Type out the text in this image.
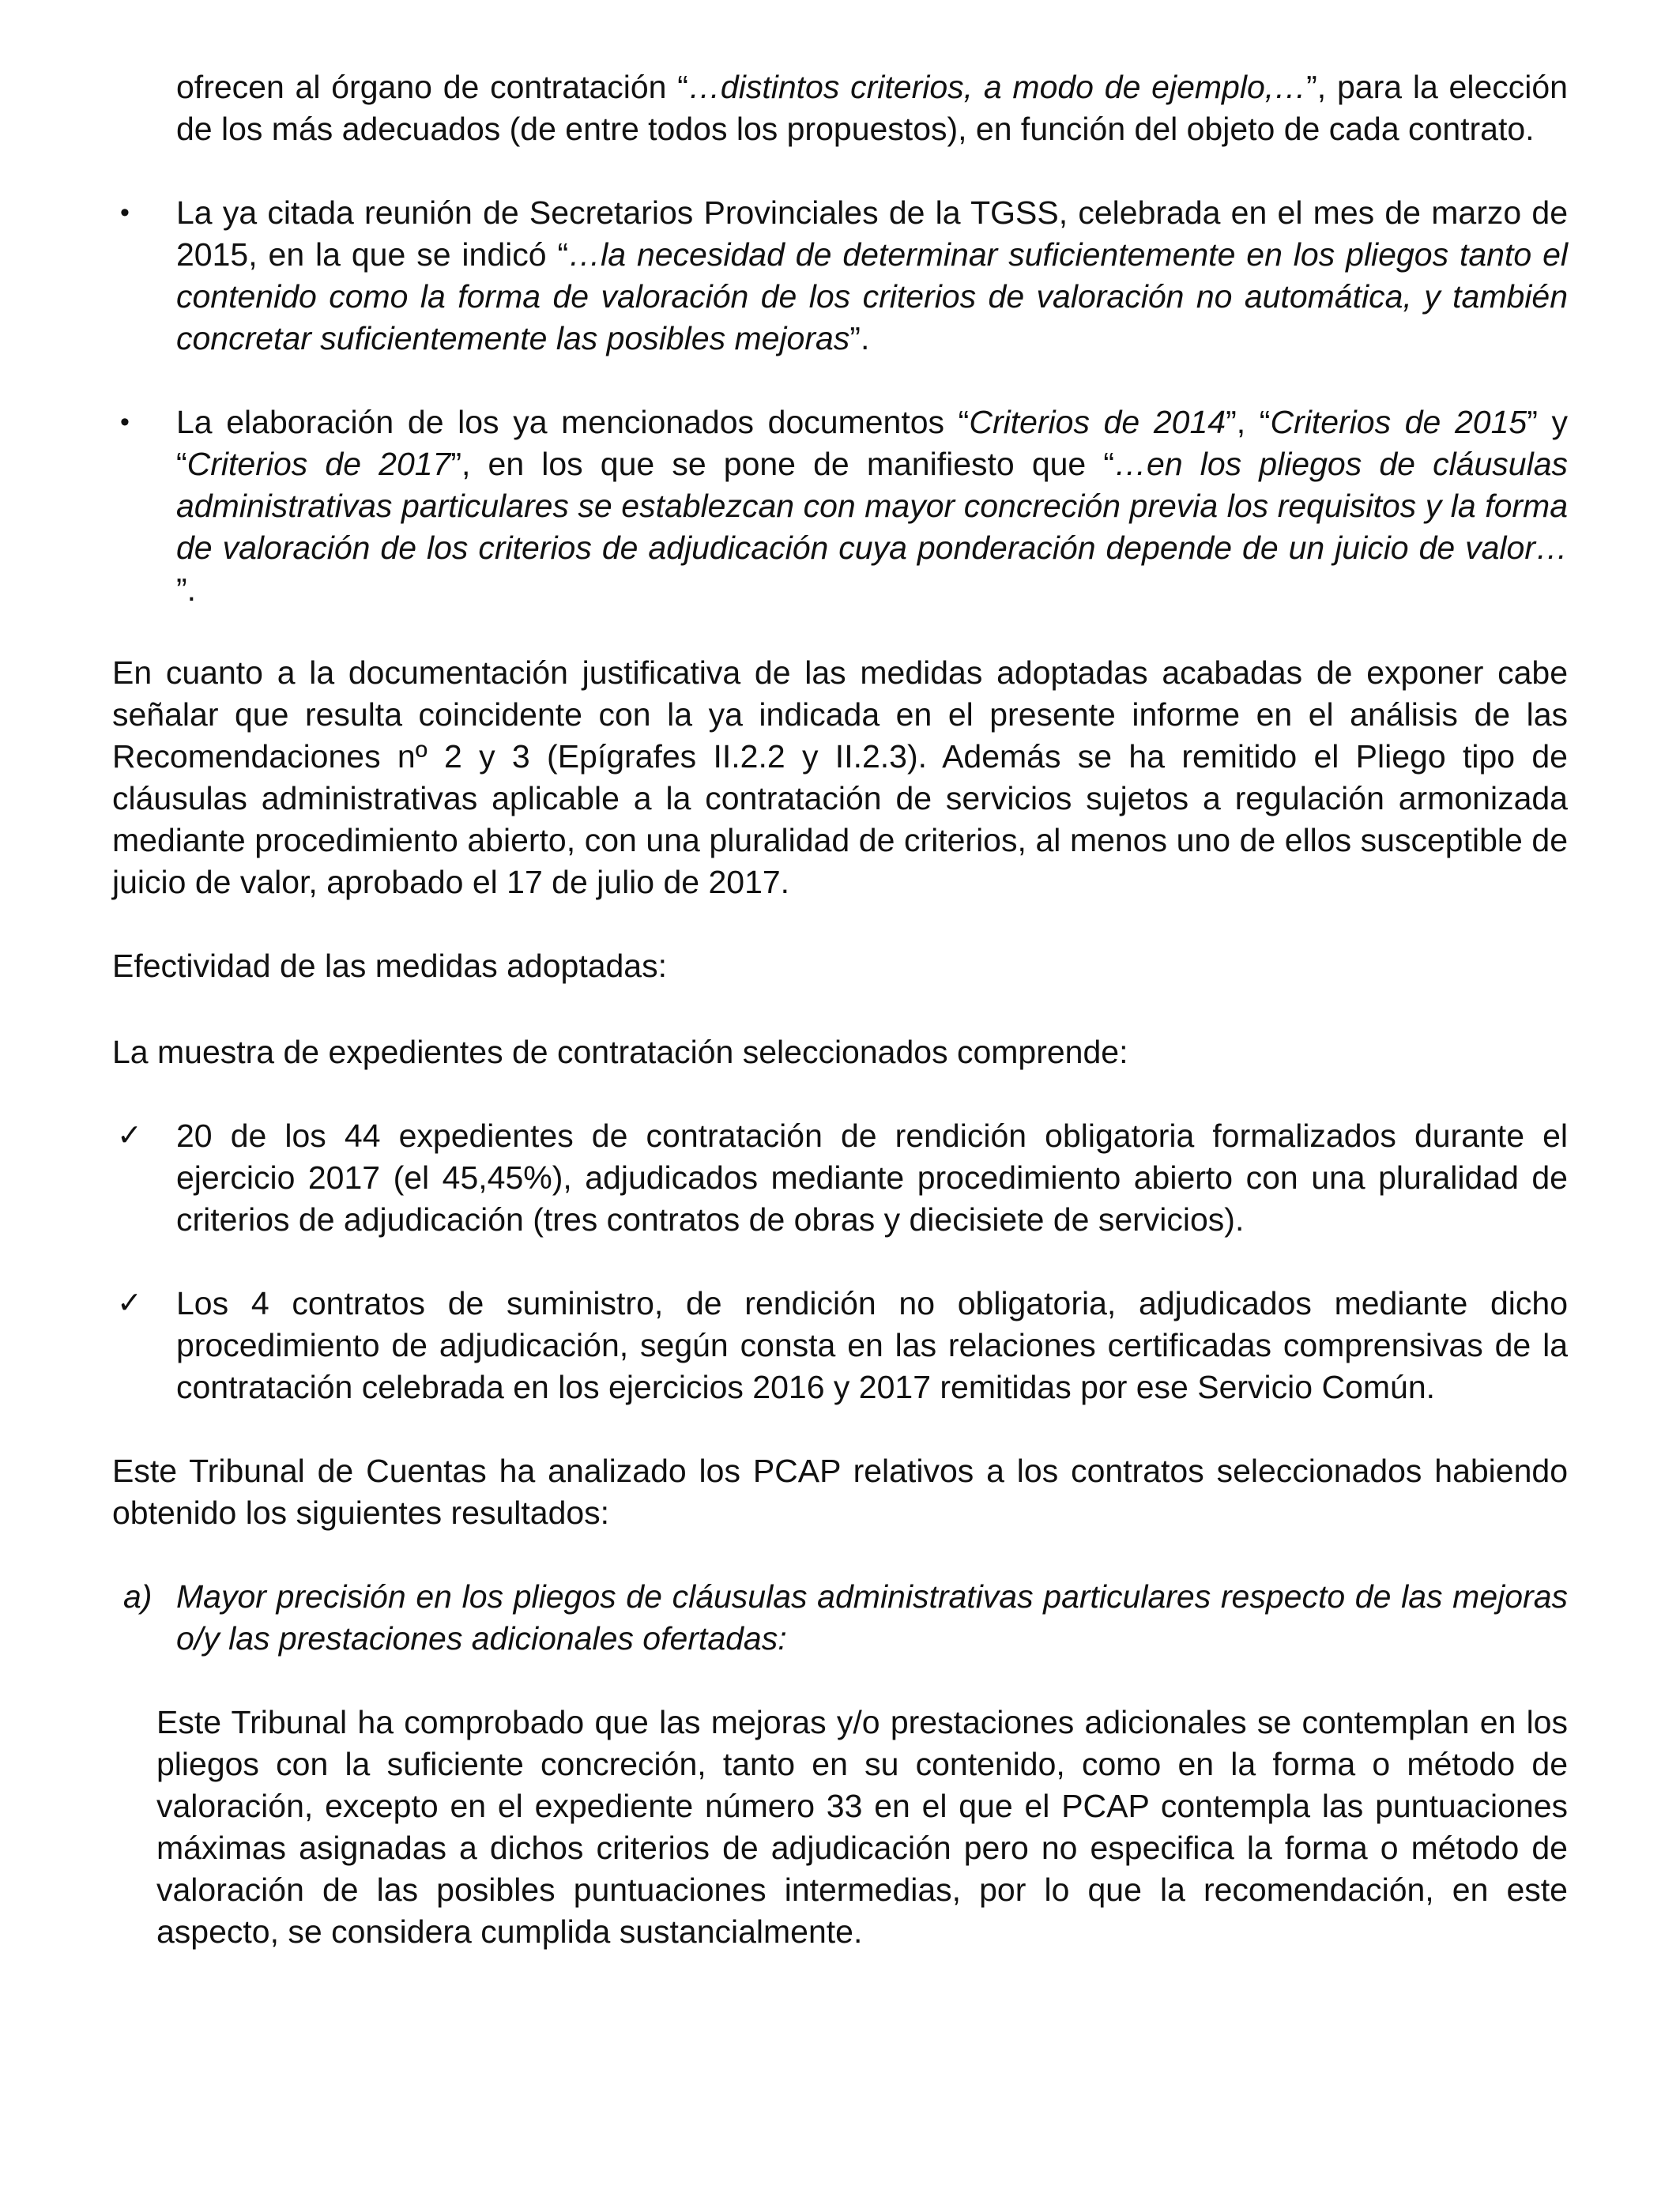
ofrecen al órgano de contratación “…distintos criterios, a modo de ejemplo,…”, para la elección de los más adecuados (de entre todos los propuestos), en función del objeto de cada contrato.

• La ya citada reunión de Secretarios Provinciales de la TGSS, celebrada en el mes de marzo de 2015, en la que se indicó “…la necesidad de determinar suficientemente en los pliegos tanto el contenido como la forma de valoración de los criterios de valoración no automática, y también concretar suficientemente las posibles mejoras”.

• La elaboración de los ya mencionados documentos “Criterios de 2014”, “Criterios de 2015” y “Criterios de 2017”, en los que se pone de manifiesto que “…en los pliegos de cláusulas administrativas particulares se establezcan con mayor concreción previa los requisitos y la forma de valoración de los criterios de adjudicación cuya ponderación depende de un juicio de valor… ”.

En cuanto a la documentación justificativa de las medidas adoptadas acabadas de exponer cabe señalar que resulta coincidente con la ya indicada en el presente informe en el análisis de las Recomendaciones nº 2 y 3 (Epígrafes II.2.2 y II.2.3). Además se ha remitido el Pliego tipo de cláusulas administrativas aplicable a la contratación de servicios sujetos a regulación armonizada mediante procedimiento abierto, con una pluralidad de criterios, al menos uno de ellos susceptible de juicio de valor, aprobado el 17 de julio de 2017.

Efectividad de las medidas adoptadas:

La muestra de expedientes de contratación seleccionados comprende:

✓ 20 de los 44 expedientes de contratación de rendición obligatoria formalizados durante el ejercicio 2017 (el 45,45%), adjudicados mediante procedimiento abierto con una pluralidad de criterios de adjudicación (tres contratos de obras y diecisiete de servicios).

✓ Los 4 contratos de suministro, de rendición no obligatoria, adjudicados mediante dicho procedimiento de adjudicación, según consta en las relaciones certificadas comprensivas de la contratación celebrada en los ejercicios 2016 y 2017 remitidas por ese Servicio Común.

Este Tribunal de Cuentas ha analizado los PCAP relativos a los contratos seleccionados habiendo obtenido los siguientes resultados:

a) Mayor precisión en los pliegos de cláusulas administrativas particulares respecto de las mejoras o/y las prestaciones adicionales ofertadas:

Este Tribunal ha comprobado que las mejoras y/o prestaciones adicionales se contemplan en los pliegos con la suficiente concreción, tanto en su contenido, como en la forma o método de valoración, excepto en el expediente número 33 en el que el PCAP contempla las puntuaciones máximas asignadas a dichos criterios de adjudicación pero no especifica la forma o método de valoración de las posibles puntuaciones intermedias, por lo que la recomendación, en este aspecto, se considera cumplida sustancialmente.
